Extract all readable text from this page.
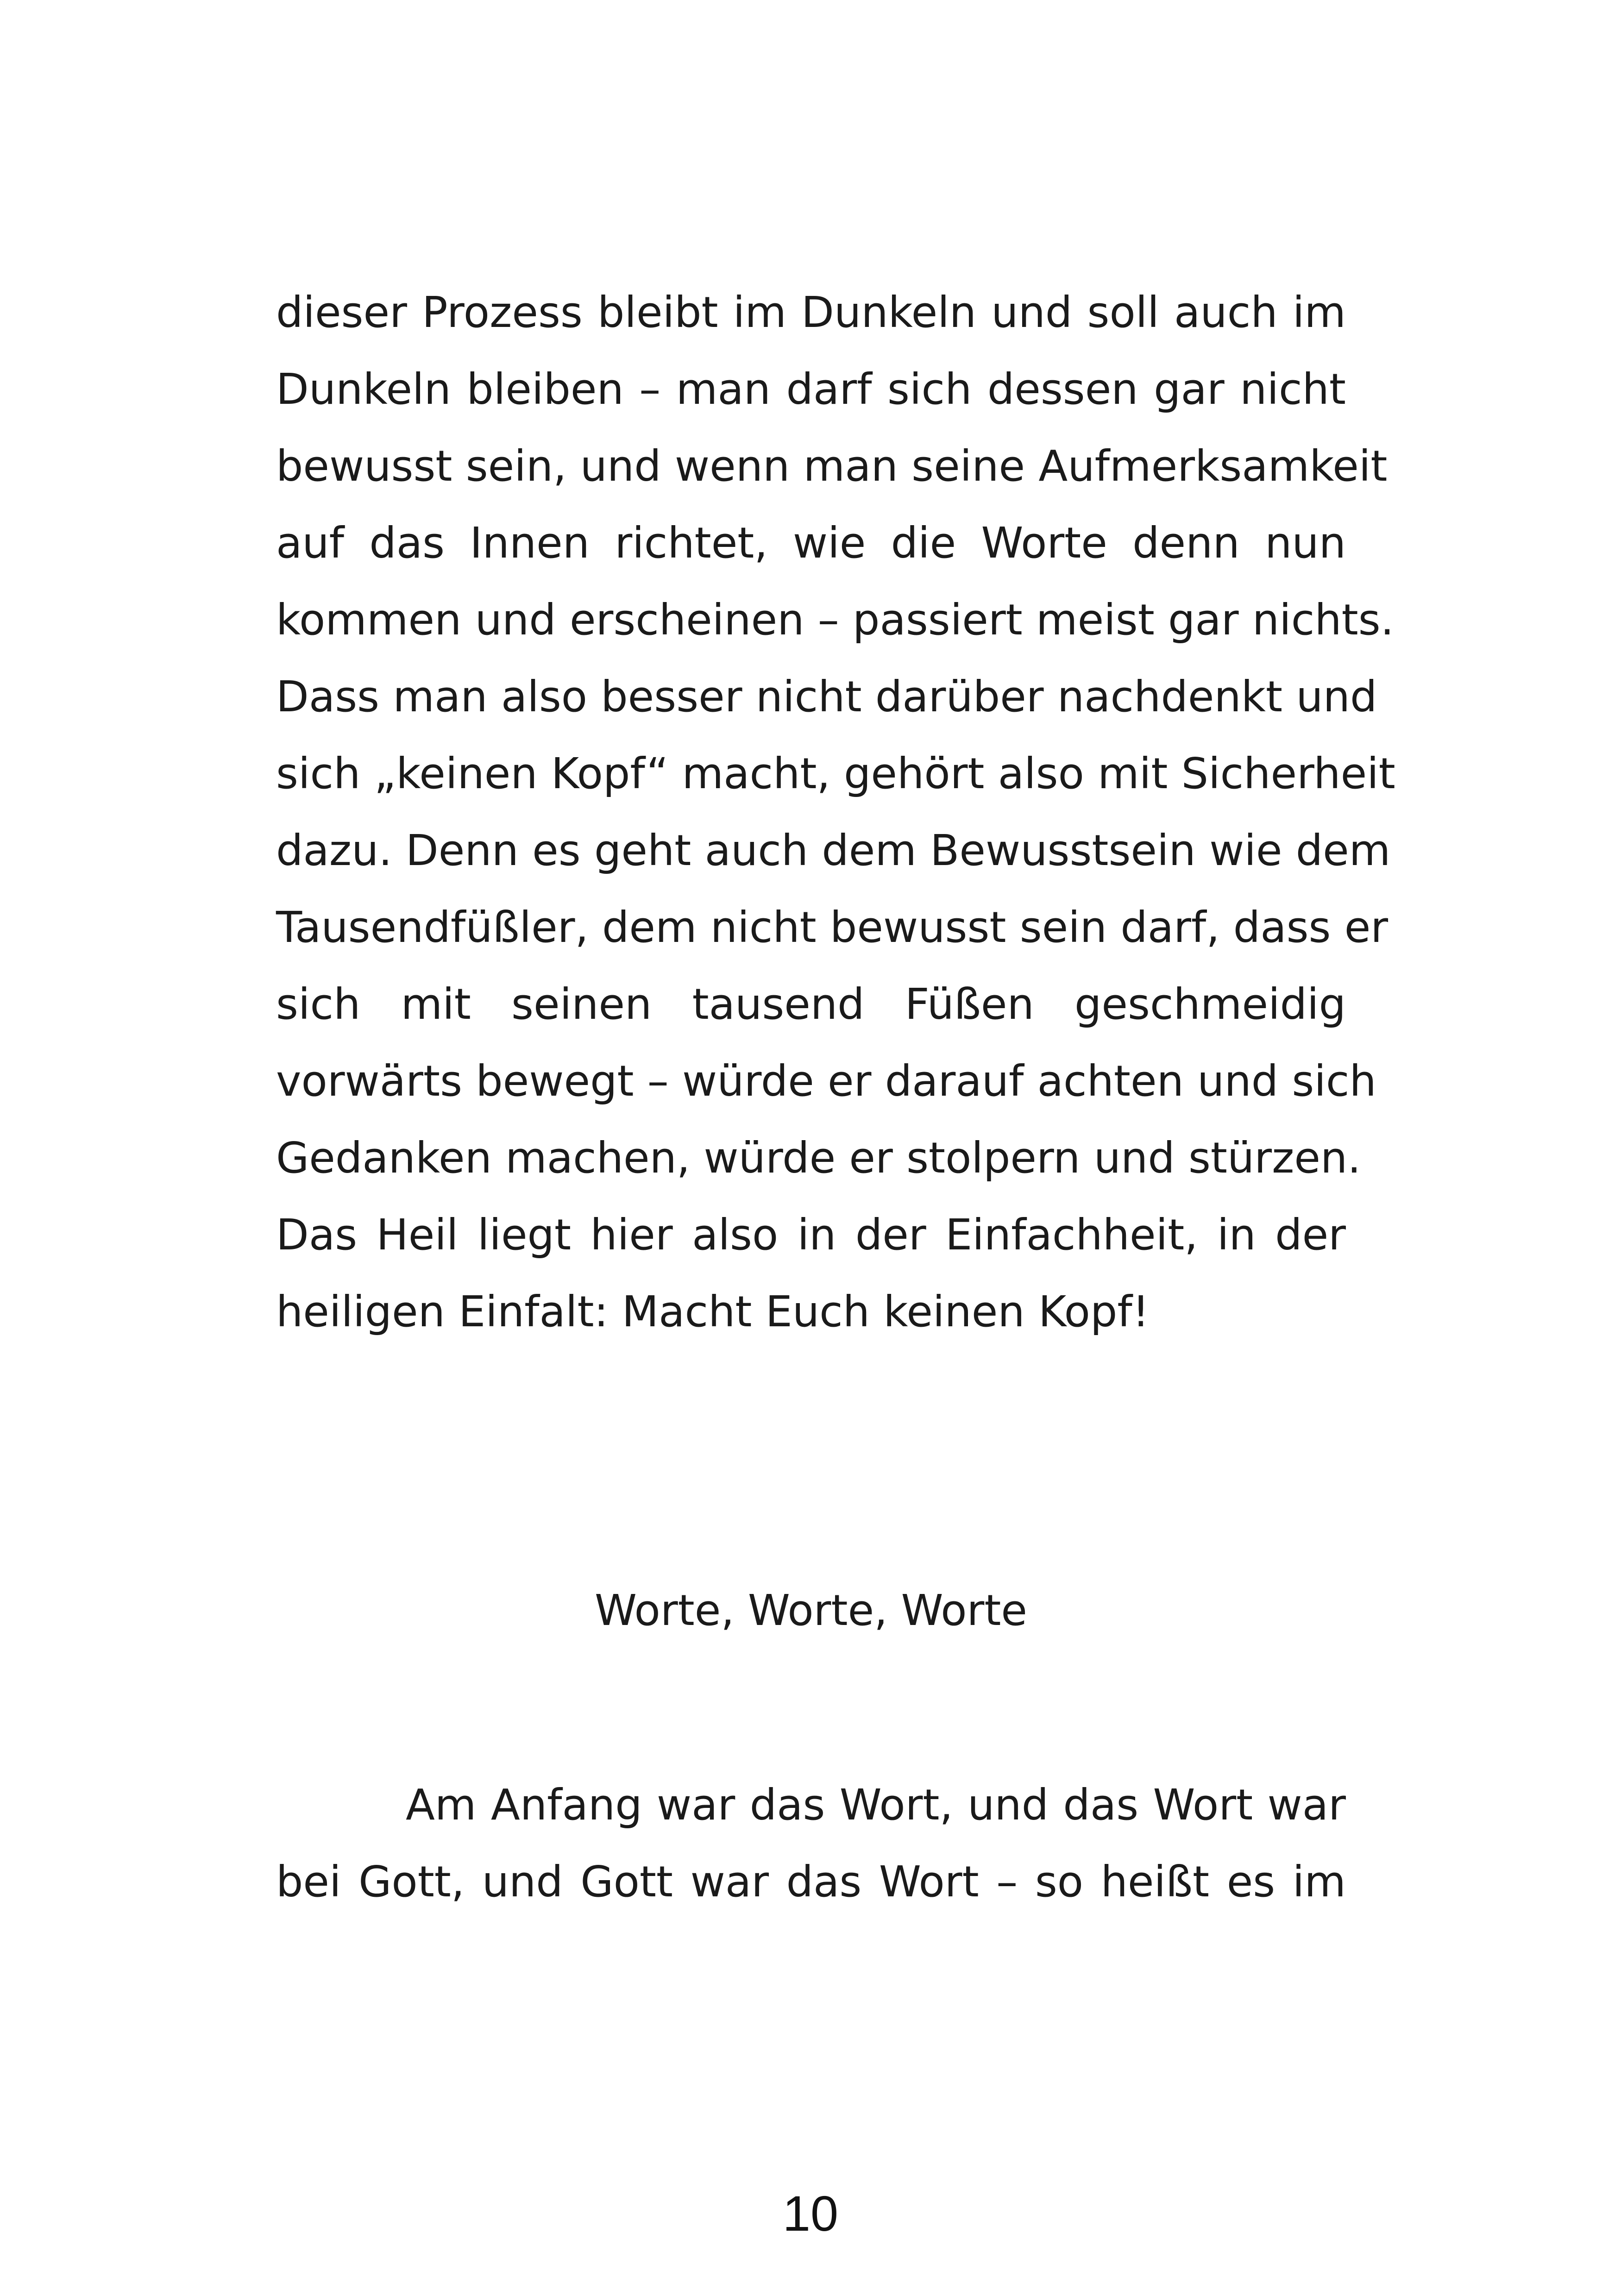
dieser Prozess bleibt im Dunkeln und soll auch im
Dunkeln bleiben – man darf sich dessen gar nicht
bewusst sein, und wenn man seine Aufmerksamkeit
auf das Innen richtet, wie die Worte denn nun
kommen und erscheinen – passiert meist gar nichts.
Dass man also besser nicht darüber nachdenkt und
sich „keinen Kopf“ macht, gehört also mit Sicherheit
dazu. Denn es geht auch dem Bewusstsein wie dem
Tausendfüßler, dem nicht bewusst sein darf, dass er
sich mit seinen tausend Füßen geschmeidig
vorwärts bewegt – würde er darauf achten und sich
Gedanken machen, würde er stolpern und stürzen.
Das Heil liegt hier also in der Einfachheit, in der
heiligen Einfalt: Macht Euch keinen Kopf!
Worte, Worte, Worte
Am Anfang war das Wort, und das Wort war
bei Gott, und Gott war das Wort – so heißt es im
10
